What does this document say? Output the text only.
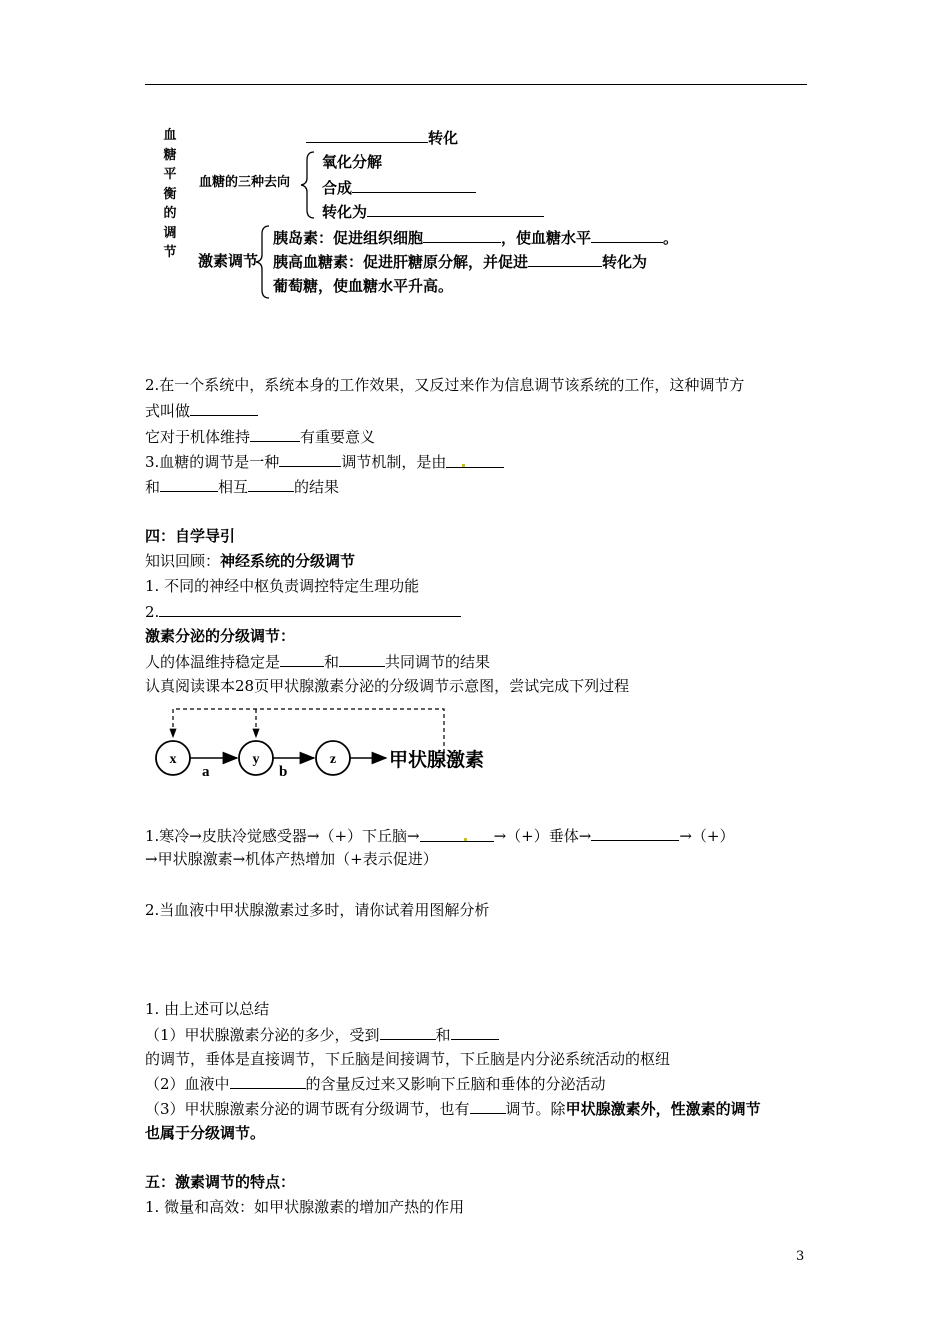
血
糖
平
衡
的
调
节
转化
血糖的三种去向
氧化分解
合成
转化为
激素调节
胰岛素：促进组织细胞	，使血糖水平	。
胰高血糖素：促进肝糖原分解，并促进	转化为
葡萄糖，使血糖水平升高。
2.在一个系统中，系统本身的工作效果，又反过来作为信息调节该系统的工作，这种调节方
式叫做
它对于机体维持	有重要意义
3.血糖的调节是一种	调节机制，是由
和	相互	的结果
四：自学导引
知识回顾：神经系统的分级调节
1. 不同的神经中枢负责调控特定生理功能
2.
激素分泌的分级调节：
人的体温维持稳定是	和	共同调节的结果
认真阅读课本28页甲状腺激素分泌的分级调节示意图，尝试完成下列过程
x	y	z
a	b
甲状腺激素
1.寒冷→皮肤冷觉感受器→（+）下丘脑→	→（+）垂体→	→（+）
→甲状腺激素→机体产热增加（+表示促进）
2.当血液中甲状腺激素过多时，请你试着用图解分析
1. 由上述可以总结
（1）甲状腺激素分泌的多少，受到	和
的调节，垂体是直接调节，下丘脑是间接调节，下丘脑是内分泌系统活动的枢纽
（2）血液中	的含量反过来又影响下丘脑和垂体的分泌活动
（3）甲状腺激素分泌的调节既有分级调节，也有 调节。除甲状腺激素外，性激素的调节
也属于分级调节。
五：激素调节的特点：
1. 微量和高效：如甲状腺激素的增加产热的作用
3
